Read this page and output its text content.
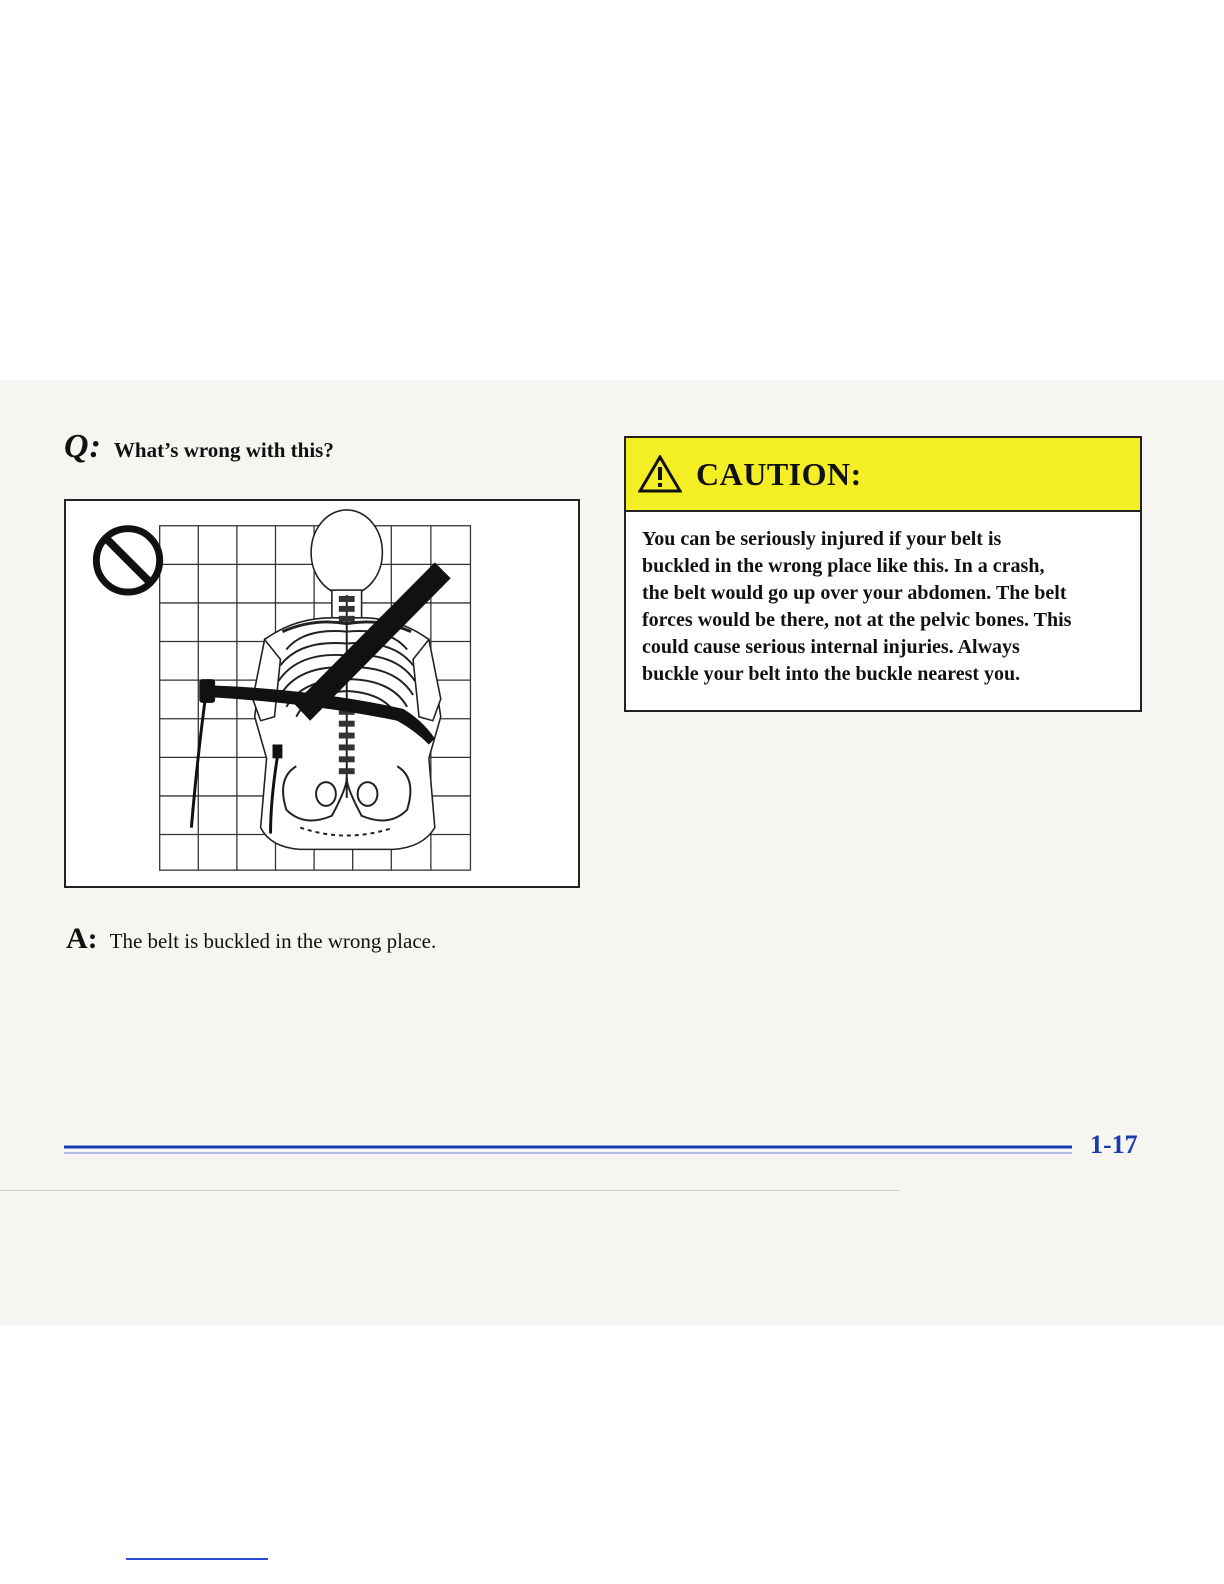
Q: What’s wrong with this?
A: The belt is buckled in the wrong place.
CAUTION:
You can be seriously injured if your belt is
buckled in the wrong place like this. In a crash,
the belt would go up over your abdomen. The belt
forces would be there, not at the pelvic bones. This
could cause serious internal injuries. Always
buckle your belt into the buckle nearest you.
1-17
